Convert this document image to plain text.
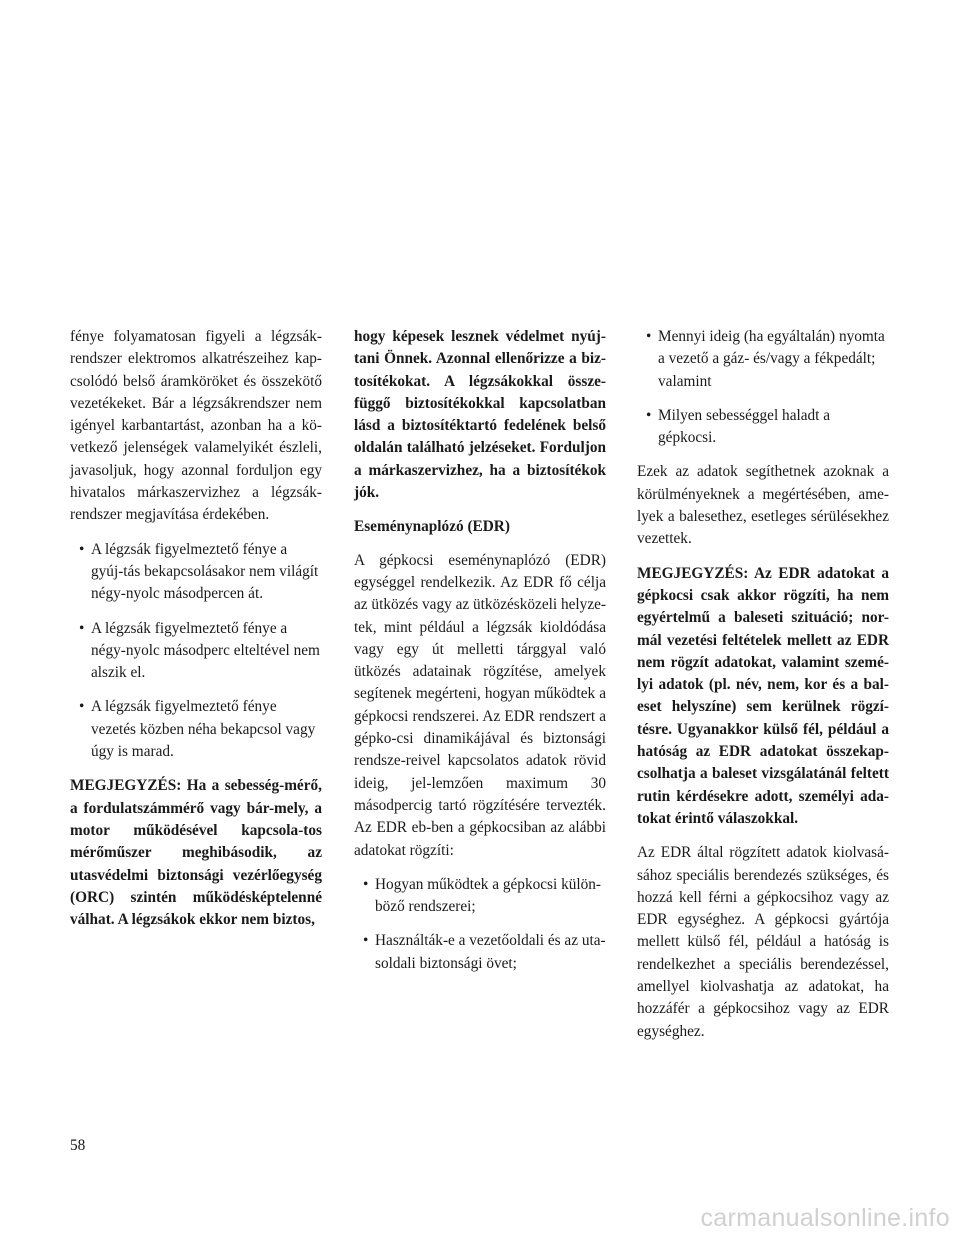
fénye folyamatosan figyeli a légzsák-rendszer elektromos alkatrészeihez kap-csolódó belső áramköröket és összekötő vezetékeket. Bár a légzsákrendszer nem igényel karbantartást, azonban ha a kö-vetkező jelenségek valamelyikét észleli, javasoljuk, hogy azonnal forduljon egy hivatalos márkaszervizhez a légzsák-rendszer megjavítása érdekében.

• A légzsák figyelmeztető fénye a gyúj-tás bekapcsolásakor nem világít négy-nyolc másodpercen át.
• A légzsák figyelmeztető fénye a négy-nyolc másodperc elteltével nem alszik el.
• A légzsák figyelmeztető fénye vezetés közben néha bekapcsol vagy úgy is marad.

MEGJEGYZÉS: Ha a sebesség-mérő, a fordulatszámmérő vagy bár-mely, a motor működésével kapcsola-tos mérőműszer meghibásodik, az utasvédelmi biztonsági vezérlőegység (ORC) szintén működésképtelenné válhat. A légzsákok ekkor nem biztos,

hogy képesek lesznek védelmet nyúj-tani Önnek. Azonnal ellenőrizze a biz-tosítékokat. A légzsákokkal össze-függő biztosítékokkal kapcsolatban lásd a biztosítéktartó fedelének belső oldalán található jelzéseket. Forduljon a márkaszervizhez, ha a biztosítékok jók.

Eseménynaplózó (EDR)

A gépkocsi eseménynaplózó (EDR) egységgel rendelkezik. Az EDR fő célja az ütközés vagy az ütközésközeli helyze-tek, mint például a légzsák kioldódása vagy egy út melletti tárggyal való ütközés adatainak rögzítése, amelyek segítenek megérteni, hogyan működtek a gépkocsi rendszerei. Az EDR rendszert a gépko-csi dinamikájával és biztonsági rendsze-reivel kapcsolatos adatok rövid ideig, jel-lemzően maximum 30 másodpercig tartó rögzítésére tervezték. Az EDR eb-ben a gépkocsiban az alábbi adatokat rögzíti:

• Hogyan működtek a gépkocsi külön-böző rendszerei;
• Használták-e a vezetőoldali és az uta-soldali biztonsági övet;
• Mennyi ideig (ha egyáltalán) nyomta a vezető a gáz- és/vagy a fékpedált; valamint
• Milyen sebességgel haladt a gépkocsi.

Ezek az adatok segíthetnek azoknak a körülményeknek a megértésében, ame-lyek a balesethez, esetleges sérülésekhez vezettek.

MEGJEGYZÉS: Az EDR adatokat a gépkocsi csak akkor rögzíti, ha nem egyértelmű a baleseti szituáció; nor-mál vezetési feltételek mellett az EDR nem rögzít adatokat, valamint szemé-lyi adatok (pl. név, nem, kor és a bal-eset helyszíne) sem kerülnek rögzí-tésre. Ugyanakkor külső fél, például a hatóság az EDR adatokat összekap-csolhatja a baleset vizsgálatánál feltett rutin kérdésekre adott, személyi ada-tokat érintő válaszokkal.

Az EDR által rögzített adatok kiolvasá-sához speciális berendezés szükséges, és hozzá kell férni a gépkocsihoz vagy az EDR egységhez. A gépkocsi gyártója mellett külső fél, például a hatóság is rendelkezhet a speciális berendezéssel, amellyel kiolvashatja az adatokat, ha hozzáfér a gépkocsihoz vagy az EDR egységhez.

58
carmanualsonline.info
